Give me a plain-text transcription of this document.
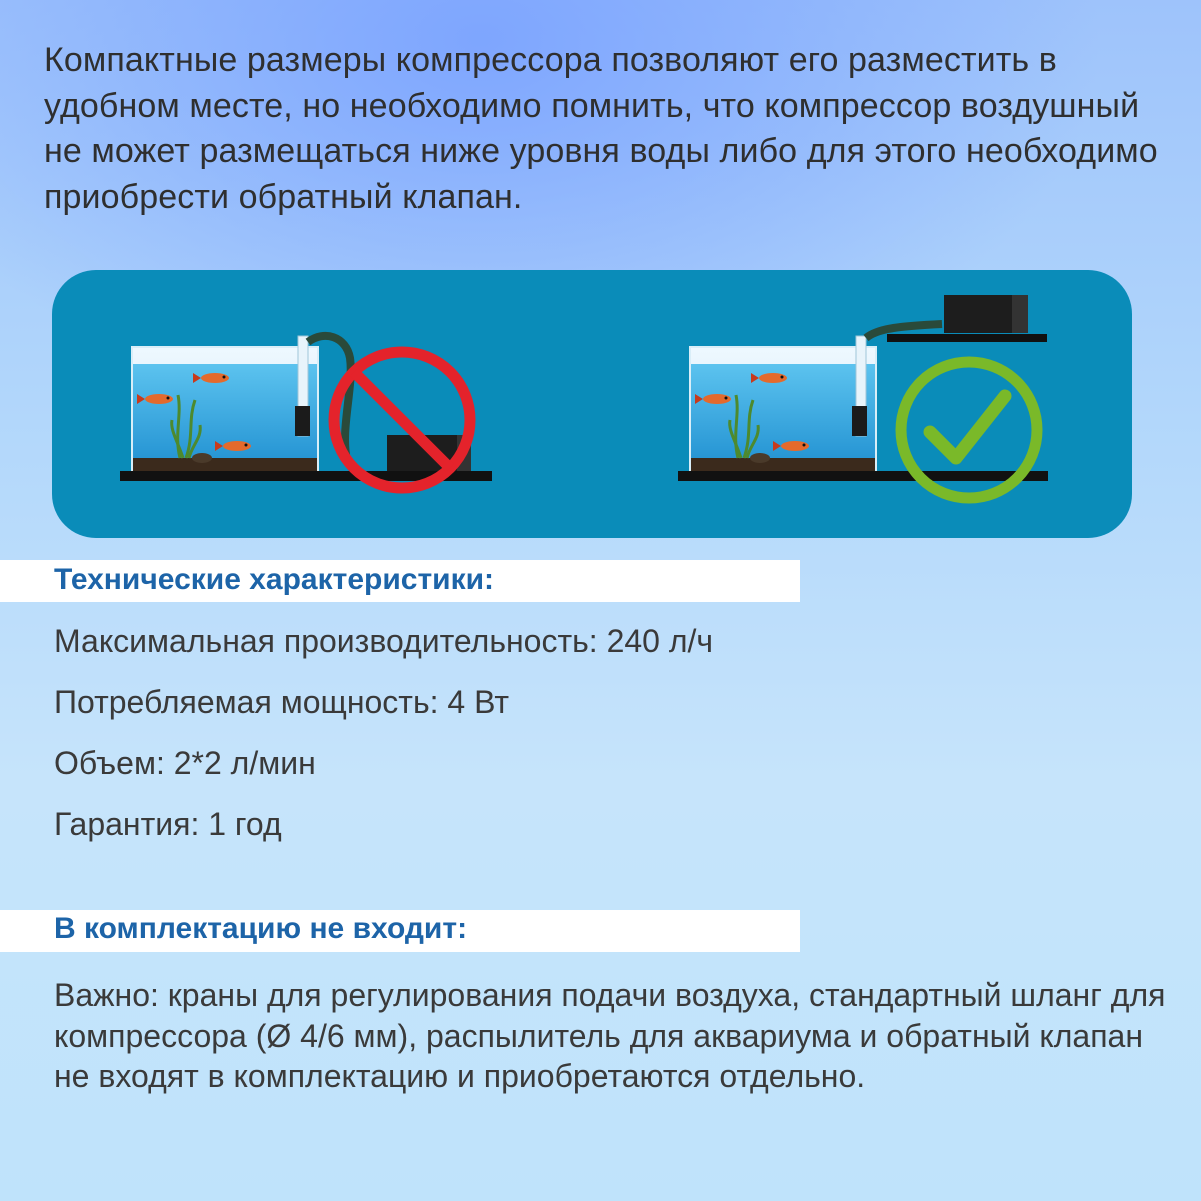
Компактные размеры компрессора позволяют его разместить в удобном месте, но необходимо помнить, что компрессор воздушный не может размещаться ниже уровня воды либо для этого необходимо приобрести обратный клапан.
Технические характеристики:
Максимальная производительность: 240 л/ч
Потребляемая мощность: 4 Вт
Объем: 2*2 л/мин
Гарантия: 1 год
В комплектацию не входит:
Важно: краны для регулирования подачи воздуха, стандартный шланг для компрессора (Ø 4/6 мм), распылитель для аквариума и обратный клапан не входят в комплектацию и приобретаются отдельно.
